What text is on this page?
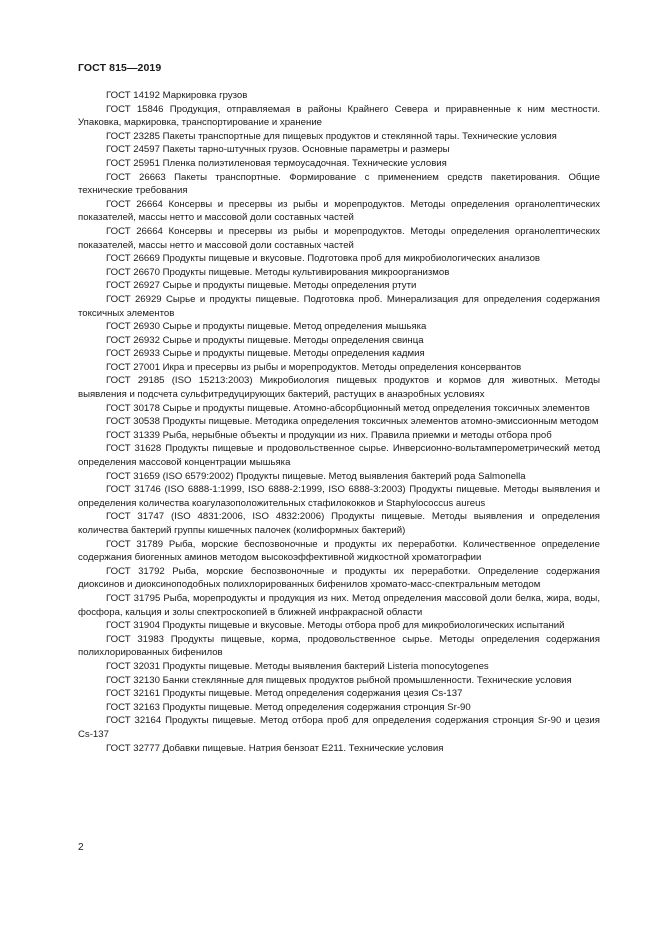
ГОСТ 815—2019

ГОСТ 14192 Маркировка грузов

ГОСТ 15846 Продукция, отправляемая в районы Крайнего Севера и приравненные к ним местности. Упаковка, маркировка, транспортирование и хранение

ГОСТ 23285 Пакеты транспортные для пищевых продуктов и стеклянной тары. Технические условия

ГОСТ 24597 Пакеты тарно-штучных грузов. Основные параметры и размеры

ГОСТ 25951 Пленка полиэтиленовая термоусадочная. Технические условия

ГОСТ 26663 Пакеты транспортные. Формирование с применением средств пакетирования. Общие технические требования

ГОСТ 26664 Консервы и пресервы из рыбы и морепродуктов. Методы определения органолептических показателей, массы нетто и массовой доли составных частей

ГОСТ 26664 Консервы и пресервы из рыбы и морепродуктов. Методы определения органолептических показателей, массы нетто и массовой доли составных частей

ГОСТ 26669 Продукты пищевые и вкусовые. Подготовка проб для микробиологических анализов

ГОСТ 26670 Продукты пищевые. Методы культивирования микроорганизмов

ГОСТ 26927 Сырье и продукты пищевые. Методы определения ртути

ГОСТ 26929 Сырье и продукты пищевые. Подготовка проб. Минерализация для определения содержания токсичных элементов

ГОСТ 26930 Сырье и продукты пищевые. Метод определения мышьяка

ГОСТ 26932 Сырье и продукты пищевые. Методы определения свинца

ГОСТ 26933 Сырье и продукты пищевые. Методы определения кадмия

ГОСТ 27001 Икра и пресервы из рыбы и морепродуктов. Методы определения консервантов

ГОСТ 29185 (ISO 15213:2003) Микробиология пищевых продуктов и кормов для животных. Методы выявления и подсчета сульфитредуцирующих бактерий, растущих в анаэробных условиях

ГОСТ 30178 Сырье и продукты пищевые. Атомно-абсорбционный метод определения токсичных элементов

ГОСТ 30538 Продукты пищевые. Методика определения токсичных элементов атомно-эмиссионным методом

ГОСТ 31339 Рыба, нерыбные объекты и продукции из них. Правила приемки и методы отбора проб

ГОСТ 31628 Продукты пищевые и продовольственное сырье. Инверсионно-вольтамперометрический метод определения массовой концентрации мышьяка

ГОСТ 31659 (ISO 6579:2002) Продукты пищевые. Метод выявления бактерий рода Salmonella

ГОСТ 31746 (ISO 6888-1:1999, ISO 6888-2:1999, ISO 6888-3:2003) Продукты пищевые. Методы выявления и определения количества коагулазоположительных стафилококков и Staphylococcus aureus

ГОСТ 31747 (ISO 4831:2006, ISO 4832:2006) Продукты пищевые. Методы выявления и определения количества бактерий группы кишечных палочек (колиформных бактерий)

ГОСТ 31789 Рыба, морские беспозвоночные и продукты их переработки. Количественное определение содержания биогенных аминов методом высокоэффективной жидкостной хроматографии

ГОСТ 31792 Рыба, морские беспозвоночные и продукты их переработки. Определение содержания диоксинов и диоксиноподобных полихлорированных бифенилов хромато-масс-спектральным методом

ГОСТ 31795 Рыба, морепродукты и продукция из них. Метод определения массовой доли белка, жира, воды, фосфора, кальция и золы спектроскопией в ближней инфракрасной области

ГОСТ 31904 Продукты пищевые и вкусовые. Методы отбора проб для микробиологических испытаний

ГОСТ 31983 Продукты пищевые, корма, продовольственное сырье. Методы определения содержания полихлорированных бифенилов

ГОСТ 32031 Продукты пищевые. Методы выявления бактерий Listeria monocytogenes

ГОСТ 32130 Банки стеклянные для пищевых продуктов рыбной промышленности. Технические условия

ГОСТ 32161 Продукты пищевые. Метод определения содержания цезия Cs-137

ГОСТ 32163 Продукты пищевые. Метод определения содержания стронция Sr-90

ГОСТ 32164 Продукты пищевые. Метод отбора проб для определения содержания стронция Sr-90 и цезия Cs-137

ГОСТ 32777 Добавки пищевые. Натрия бензоат Е211. Технические условия

2
